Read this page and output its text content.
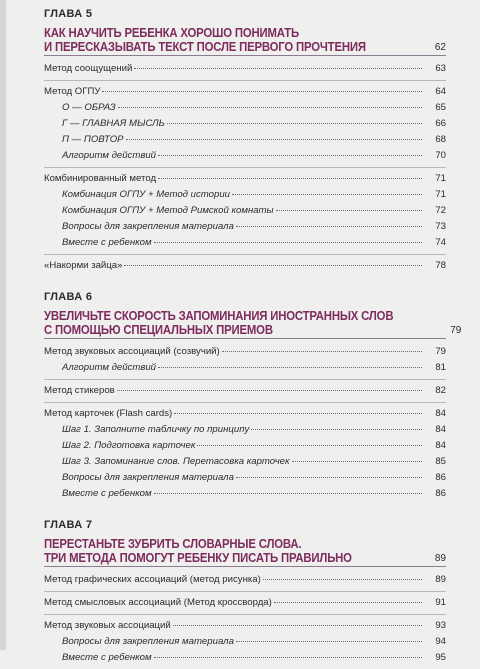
ГЛАВА 5
КАК НАУЧИТЬ РЕБЕНКА ХОРОШО ПОНИМАТЬ
И ПЕРЕСКАЗЫВАТЬ ТЕКСТ ПОСЛЕ ПЕРВОГО ПРОЧТЕНИЯ	62
Метод соощущений	63
Метод ОГПУ	64
О — ОБРАЗ	65
Г — ГЛАВНАЯ МЫСЛЬ	66
П — ПОВТОР	68
Алгоритм действий	70
Комбинированный метод	71
Комбинация ОГПУ + Метод истории	71
Комбинация ОГПУ + Метод Римской комнаты	72
Вопросы для закрепления материала	73
Вместе с ребенком	74
«Накорми зайца»	78
ГЛАВА 6
УВЕЛИЧЬТЕ СКОРОСТЬ ЗАПОМИНАНИЯ ИНОСТРАННЫХ СЛОВ
С ПОМОЩЬЮ СПЕЦИАЛЬНЫХ ПРИЕМОВ	79
Метод звуковых ассоциаций (созвучий)	79
Алгоритм действий	81
Метод стикеров	82
Метод карточек (Flash cards)	84
Шаг 1. Заполните табличку по принципу	84
Шаг 2. Подготовка карточек	84
Шаг 3. Запоминание слов. Перетасовка карточек	85
Вопросы для закрепления материала	86
Вместе с ребенком	86
ГЛАВА 7
ПЕРЕСТАНЬТЕ ЗУБРИТЬ СЛОВАРНЫЕ СЛОВА.
ТРИ МЕТОДА ПОМОГУТ РЕБЕНКУ ПИСАТЬ ПРАВИЛЬНО	89
Метод графических ассоциаций (метод рисунка)	89
Метод смысловых ассоциаций (Метод кроссворда)	91
Метод звуковых ассоциаций	93
Вопросы для закрепления материала	94
Вместе с ребенком	95
